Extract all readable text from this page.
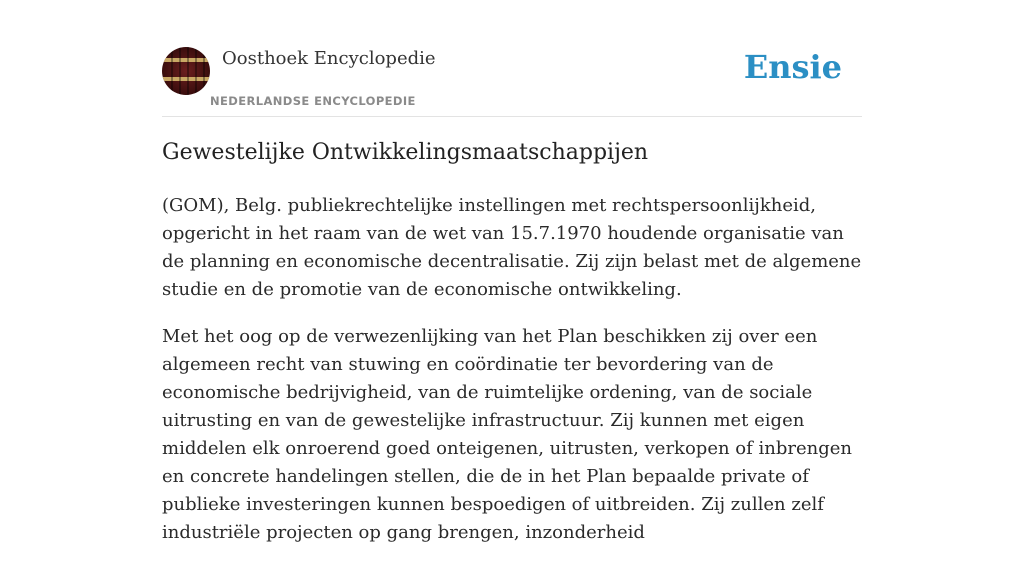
Oosthoek Encyclopedie
NEDERLANDSE ENCYCLOPEDIE
Ensie
Gewestelijke Ontwikkelingsmaatschappijen

(GOM), Belg. publiekrechtelijke instellingen met rechtspersoonlijkheid, opgericht in het raam van de wet van 15.7.1970 houdende organisatie van de planning en economische decentralisatie. Zij zijn belast met de algemene studie en de promotie van de economische ontwikkeling.

Met het oog op de verwezenlijking van het Plan beschikken zij over een algemeen recht van stuwing en coördinatie ter bevordering van de economische bedrijvigheid, van de ruimtelijke ordening, van de sociale uitrusting en van de gewestelijke infrastructuur. Zij kunnen met eigen middelen elk onroerend goed onteigenen, uitrusten, verkopen of inbrengen en concrete handelingen stellen, die de in het Plan bepaalde private of publieke investeringen kunnen bespoedigen of uitbreiden. Zij zullen zelf industriële projecten op gang brengen, inzonderheid
